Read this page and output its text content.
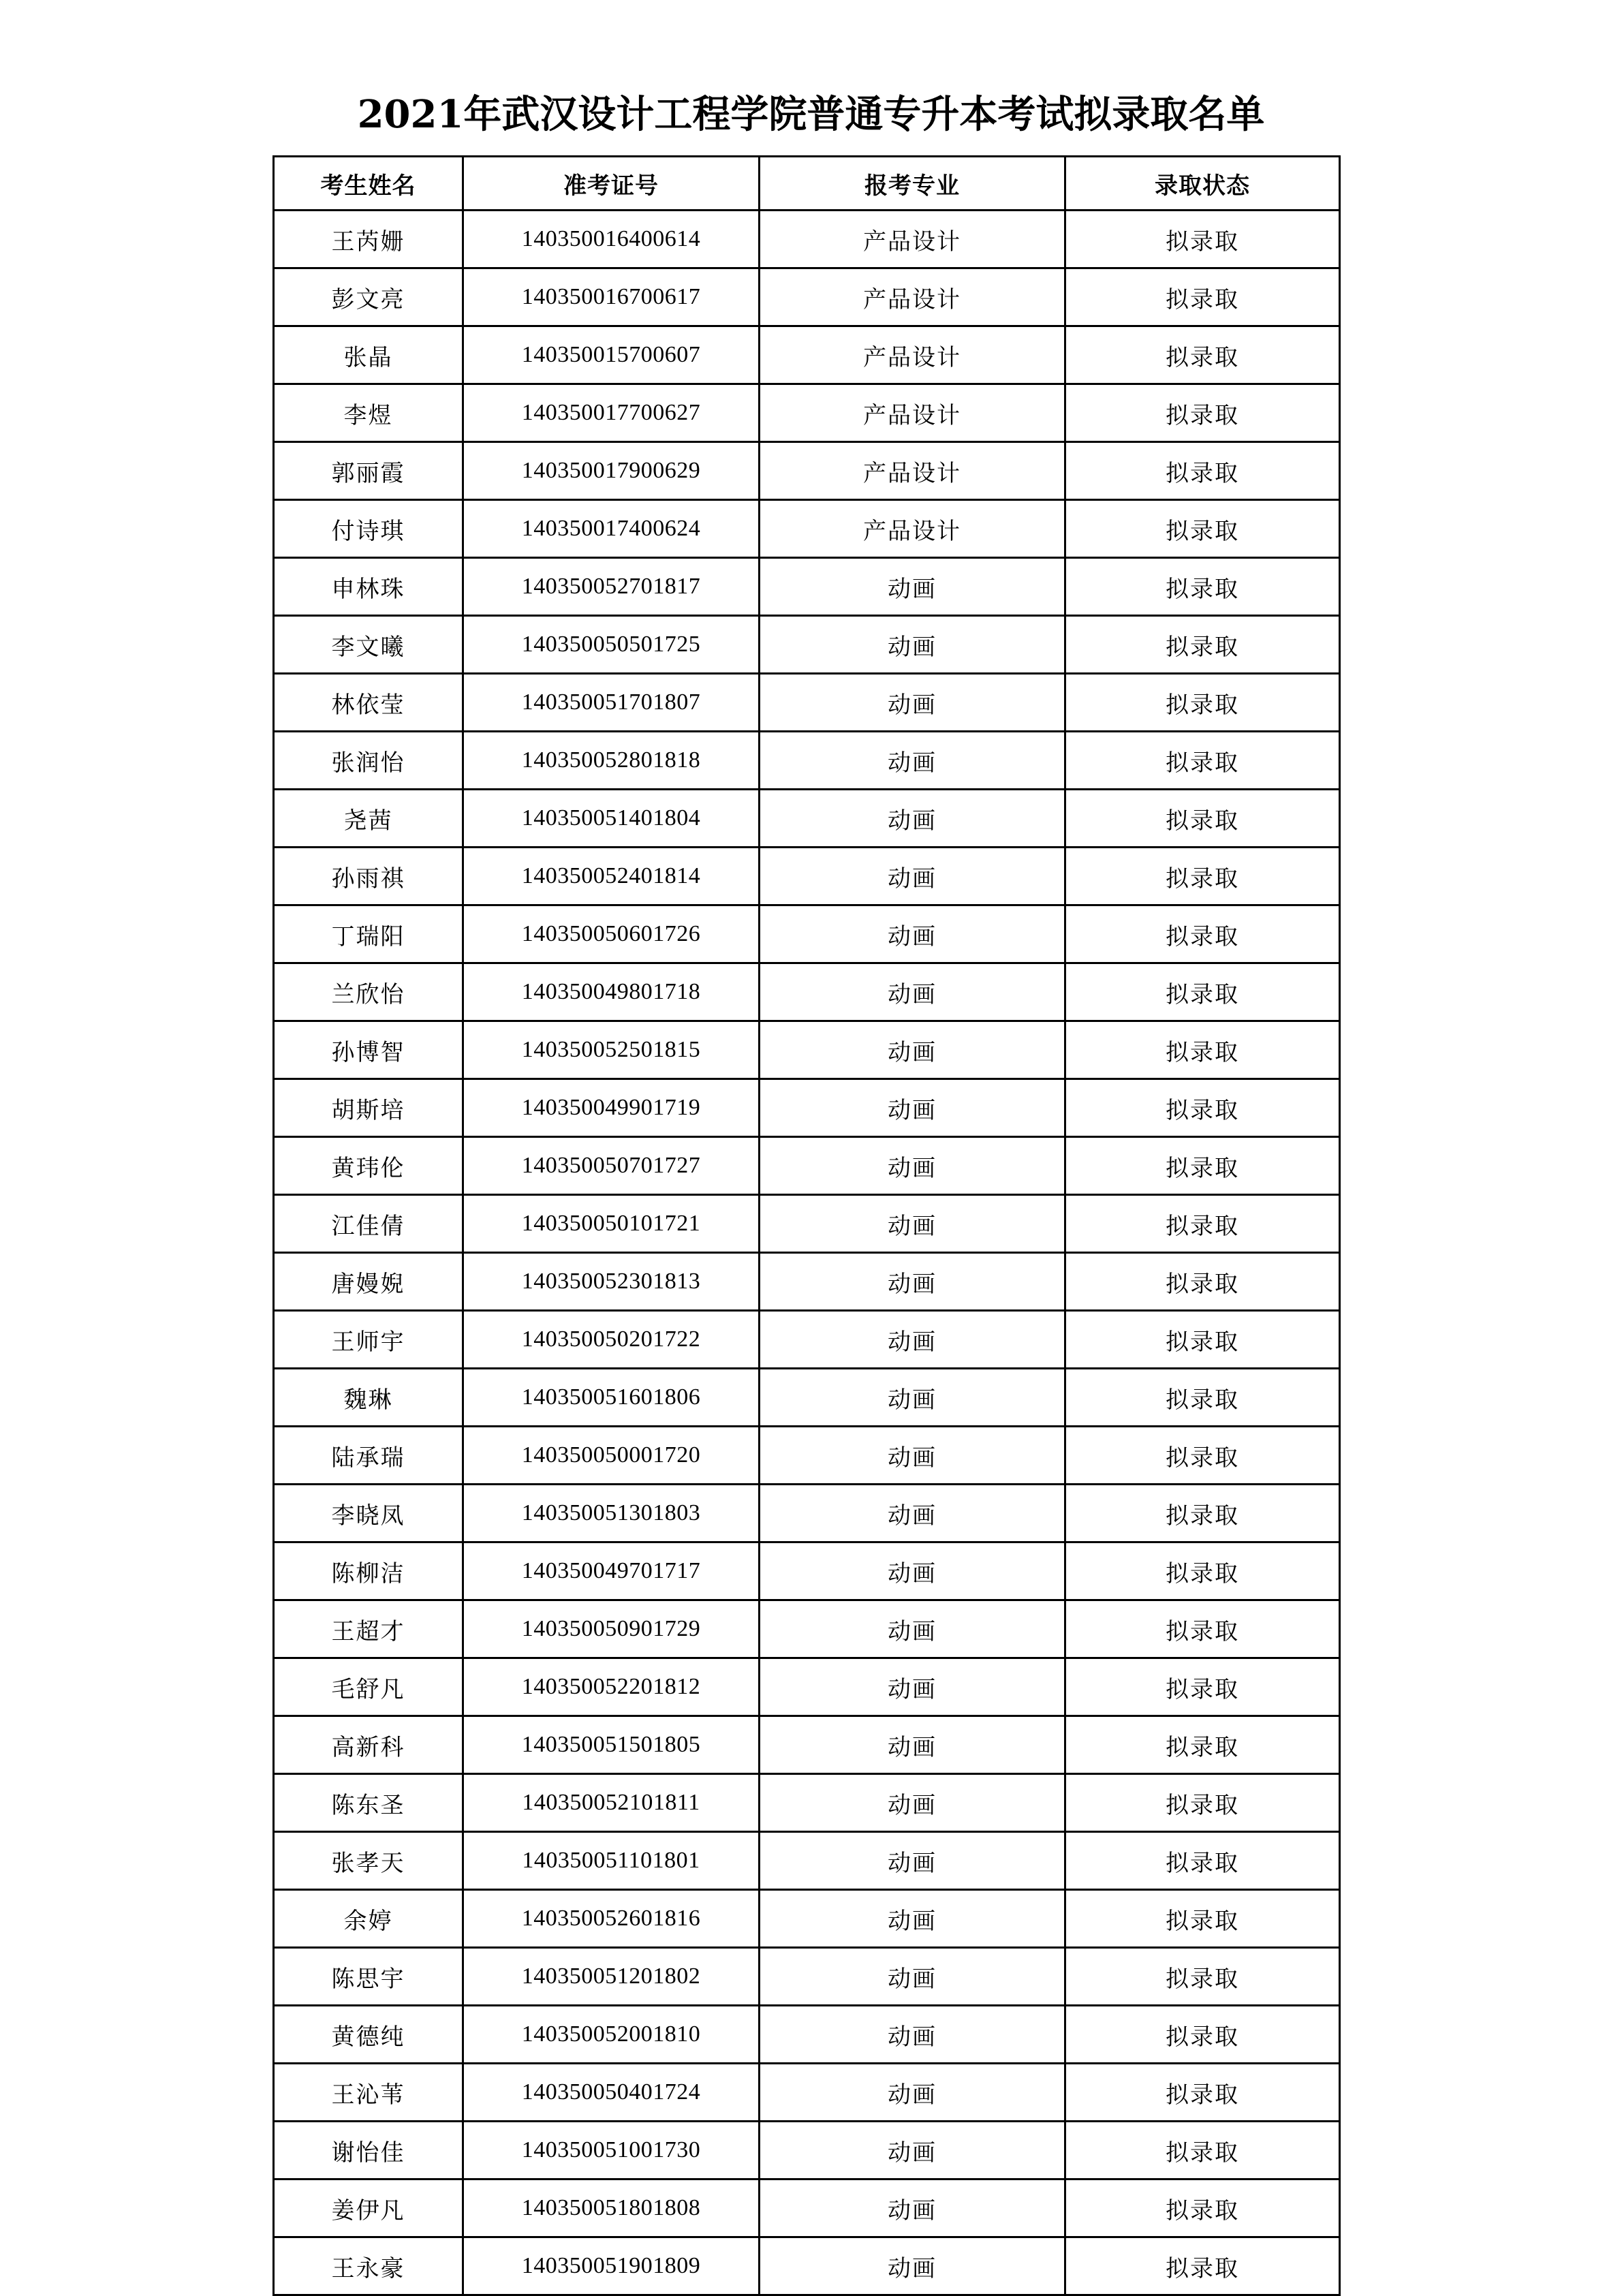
2021年武汉设计工程学院普通专升本考试拟录取名单
考生姓名	准考证号	报考专业	录取状态
王芮姗	140350016400614	产品设计	拟录取
彭文亮	140350016700617	产品设计	拟录取
张晶	140350015700607	产品设计	拟录取
李煜	140350017700627	产品设计	拟录取
郭丽霞	140350017900629	产品设计	拟录取
付诗琪	140350017400624	产品设计	拟录取
申林珠	140350052701817	动画	拟录取
李文曦	140350050501725	动画	拟录取
林依莹	140350051701807	动画	拟录取
张润怡	140350052801818	动画	拟录取
尧茜	140350051401804	动画	拟录取
孙雨祺	140350052401814	动画	拟录取
丁瑞阳	140350050601726	动画	拟录取
兰欣怡	140350049801718	动画	拟录取
孙博智	140350052501815	动画	拟录取
胡斯培	140350049901719	动画	拟录取
黄玮伦	140350050701727	动画	拟录取
江佳倩	140350050101721	动画	拟录取
唐嫚婗	140350052301813	动画	拟录取
王师宇	140350050201722	动画	拟录取
魏琳	140350051601806	动画	拟录取
陆承瑞	140350050001720	动画	拟录取
李晓凤	140350051301803	动画	拟录取
陈柳洁	140350049701717	动画	拟录取
王超才	140350050901729	动画	拟录取
毛舒凡	140350052201812	动画	拟录取
高新科	140350051501805	动画	拟录取
陈东圣	140350052101811	动画	拟录取
张孝天	140350051101801	动画	拟录取
余婷	140350052601816	动画	拟录取
陈思宇	140350051201802	动画	拟录取
黄德纯	140350052001810	动画	拟录取
王沁苇	140350050401724	动画	拟录取
谢怡佳	140350051001730	动画	拟录取
姜伊凡	140350051801808	动画	拟录取
王永豪	140350051901809	动画	拟录取
